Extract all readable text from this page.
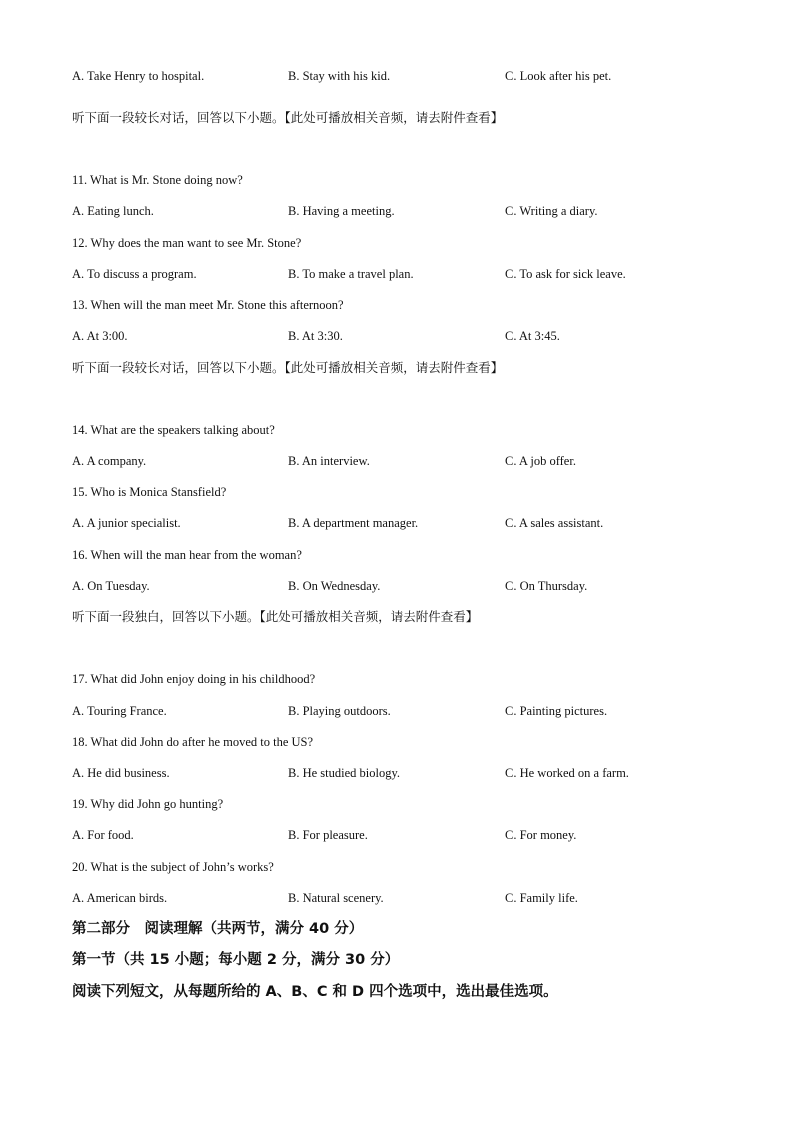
A. Take Henry to hospital.	B. Stay with his kid.	C. Look after his pet.
听下面一段较长对话，回答以下小题。【此处可播放相关音频，请去附件查看】
11. What is Mr. Stone doing now?
A. Eating lunch.	B. Having a meeting.	C. Writing a diary.
12. Why does the man want to see Mr. Stone?
A. To discuss a program.	B. To make a travel plan.	C. To ask for sick leave.
13. When will the man meet Mr. Stone this afternoon?
A. At 3:00.	B. At 3:30.	C. At 3:45.
听下面一段较长对话，回答以下小题。【此处可播放相关音频，请去附件查看】
14. What are the speakers talking about?
A. A company.	B. An interview.	C. A job offer.
15. Who is Monica Stansfield?
A. A junior specialist.	B. A department manager.	C. A sales assistant.
16. When will the man hear from the woman?
A. On Tuesday.	B. On Wednesday.	C. On Thursday.
听下面一段独白，回答以下小题。【此处可播放相关音频，请去附件查看】
17. What did John enjoy doing in his childhood?
A. Touring France.	B. Playing outdoors.	C. Painting pictures.
18. What did John do after he moved to the US?
A. He did business.	B. He studied biology.	C. He worked on a farm.
19. Why did John go hunting?
A. For food.	B. For pleasure.	C. For money.
20. What is the subject of John’s works?
A. American birds.	B. Natural scenery.	C. Family life.
第二部分　阅读理解（共两节，满分 40 分）
第一节（共 15 小题；每小题 2 分，满分 30 分）
阅读下列短文，从每题所给的 A、B、C 和 D 四个选项中，选出最佳选项。
